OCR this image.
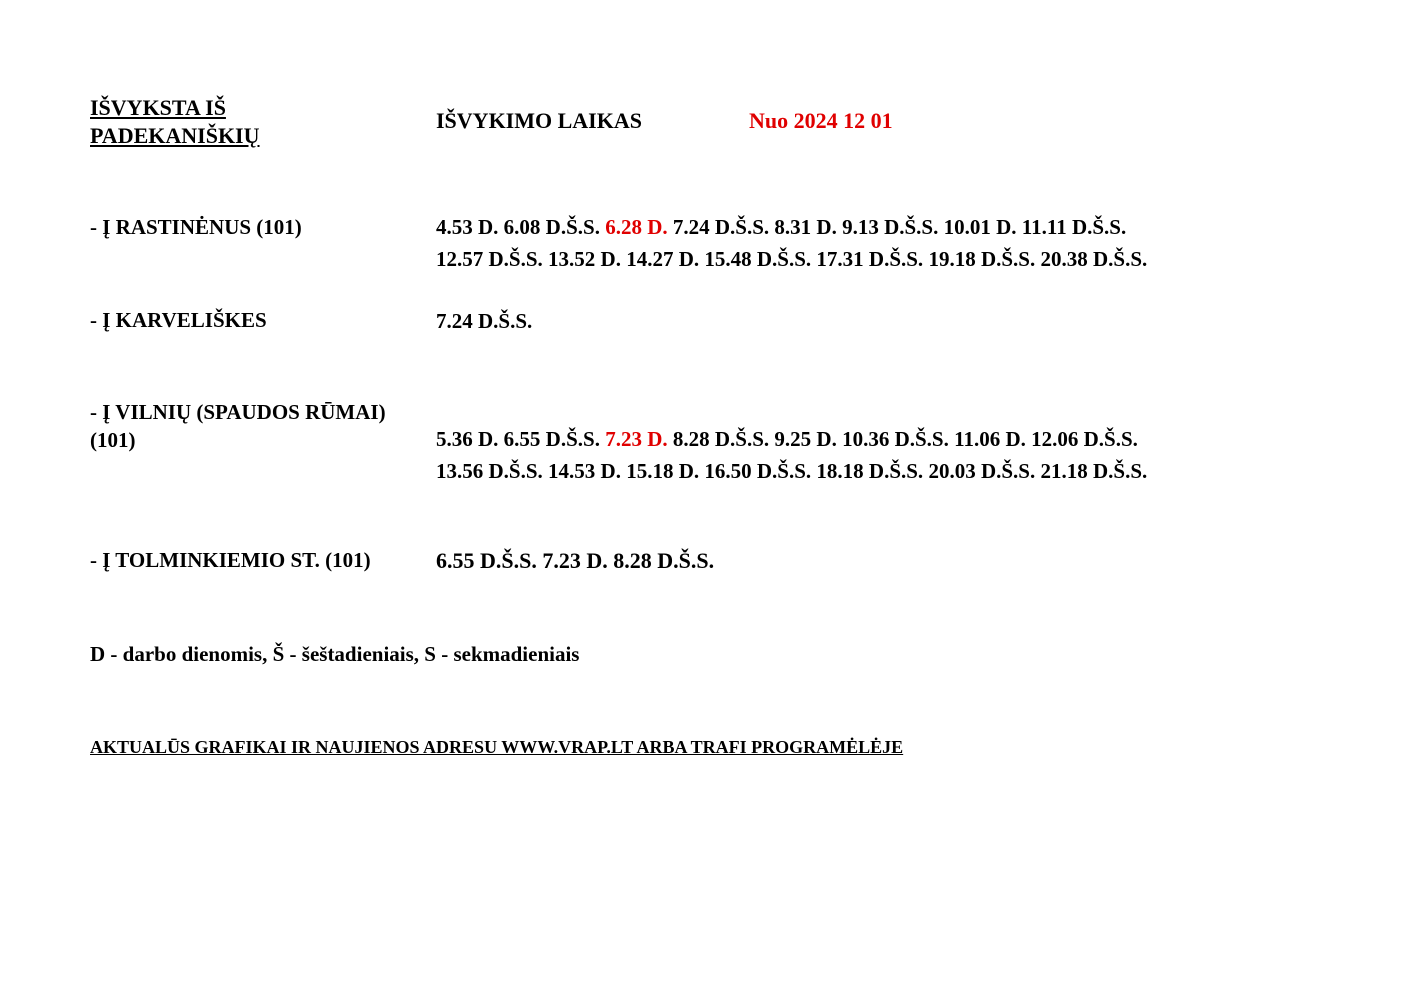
IŠVYKSTA IŠ
PADEKANIŠKIŲ
IŠVYKIMO LAIKAS	Nuo 2024 12 01
- Į RASTINĖNUS (101)	4.53 D. 6.08 D.Š.S. 6.28 D. 7.24 D.Š.S. 8.31 D. 9.13 D.Š.S. 10.01 D. 11.11 D.Š.S.
12.57 D.Š.S. 13.52 D. 14.27 D. 15.48 D.Š.S. 17.31 D.Š.S. 19.18 D.Š.S. 20.38 D.Š.S.
- Į KARVELIŠKES	7.24 D.Š.S.
- Į VILNIŲ (SPAUDOS RŪMAI)
(101)	5.36 D. 6.55 D.Š.S. 7.23 D. 8.28 D.Š.S. 9.25 D. 10.36 D.Š.S. 11.06 D. 12.06 D.Š.S.
13.56 D.Š.S. 14.53 D. 15.18 D. 16.50 D.Š.S. 18.18 D.Š.S. 20.03 D.Š.S. 21.18 D.Š.S.
- Į TOLMINKIEMIO ST. (101)	6.55 D.Š.S. 7.23 D. 8.28 D.Š.S.
D - darbo dienomis, Š - šeštadieniais, S - sekmadieniais
AKTUALŪS GRAFIKAI IR NAUJIENOS ADRESU WWW.VRAP.LT ARBA TRAFI PROGRAMĖLĖJE
